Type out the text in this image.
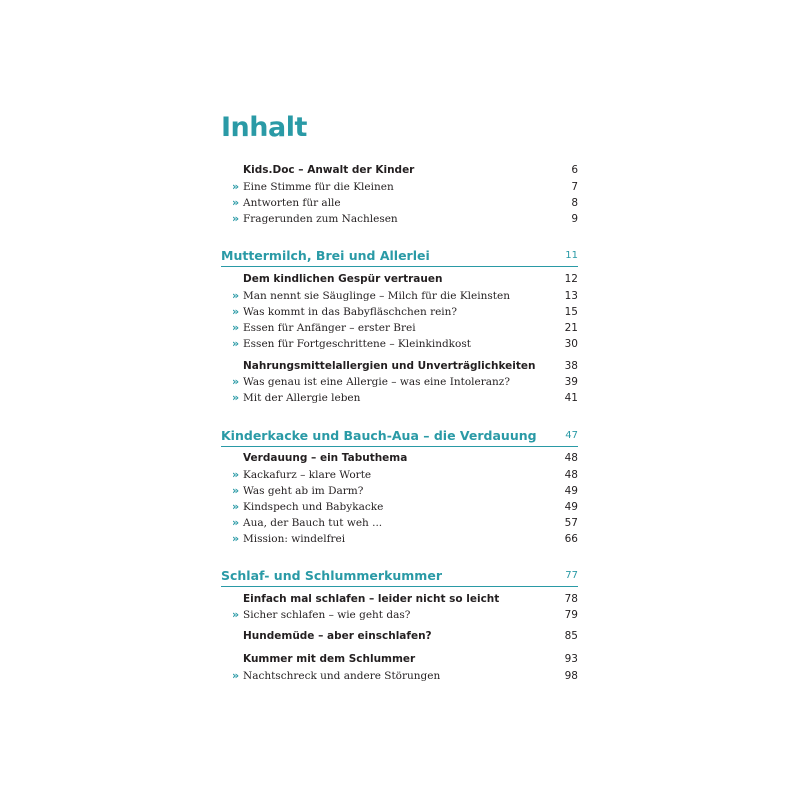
Inhalt
Kids.Doc – Anwalt der Kinder	6
» Eine Stimme für die Kleinen	7
» Antworten für alle	8
» Fragerunden zum Nachlesen	9
Muttermilch, Brei und Allerlei	11
Dem kindlichen Gespür vertrauen	12
» Man nennt sie Säuglinge – Milch für die Kleinsten	13
» Was kommt in das Babyfläschchen rein?	15
» Essen für Anfänger – erster Brei	21
» Essen für Fortgeschrittene – Kleinkindkost	30
Nahrungsmittelallergien und Unverträglichkeiten	38
» Was genau ist eine Allergie – was eine Intoleranz?	39
» Mit der Allergie leben	41
Kinderkacke und Bauch-Aua – die Verdauung	47
Verdauung – ein Tabuthema	48
» Kackafurz – klare Worte	48
» Was geht ab im Darm?	49
» Kindspech und Babykacke	49
» Aua, der Bauch tut weh ...	57
» Mission: windelfrei	66
Schlaf- und Schlummerkummer	77
Einfach mal schlafen – leider nicht so leicht	78
» Sicher schlafen – wie geht das?	79
Hundemüde – aber einschlafen?	85
Kummer mit dem Schlummer	93
» Nachtschreck und andere Störungen	98
